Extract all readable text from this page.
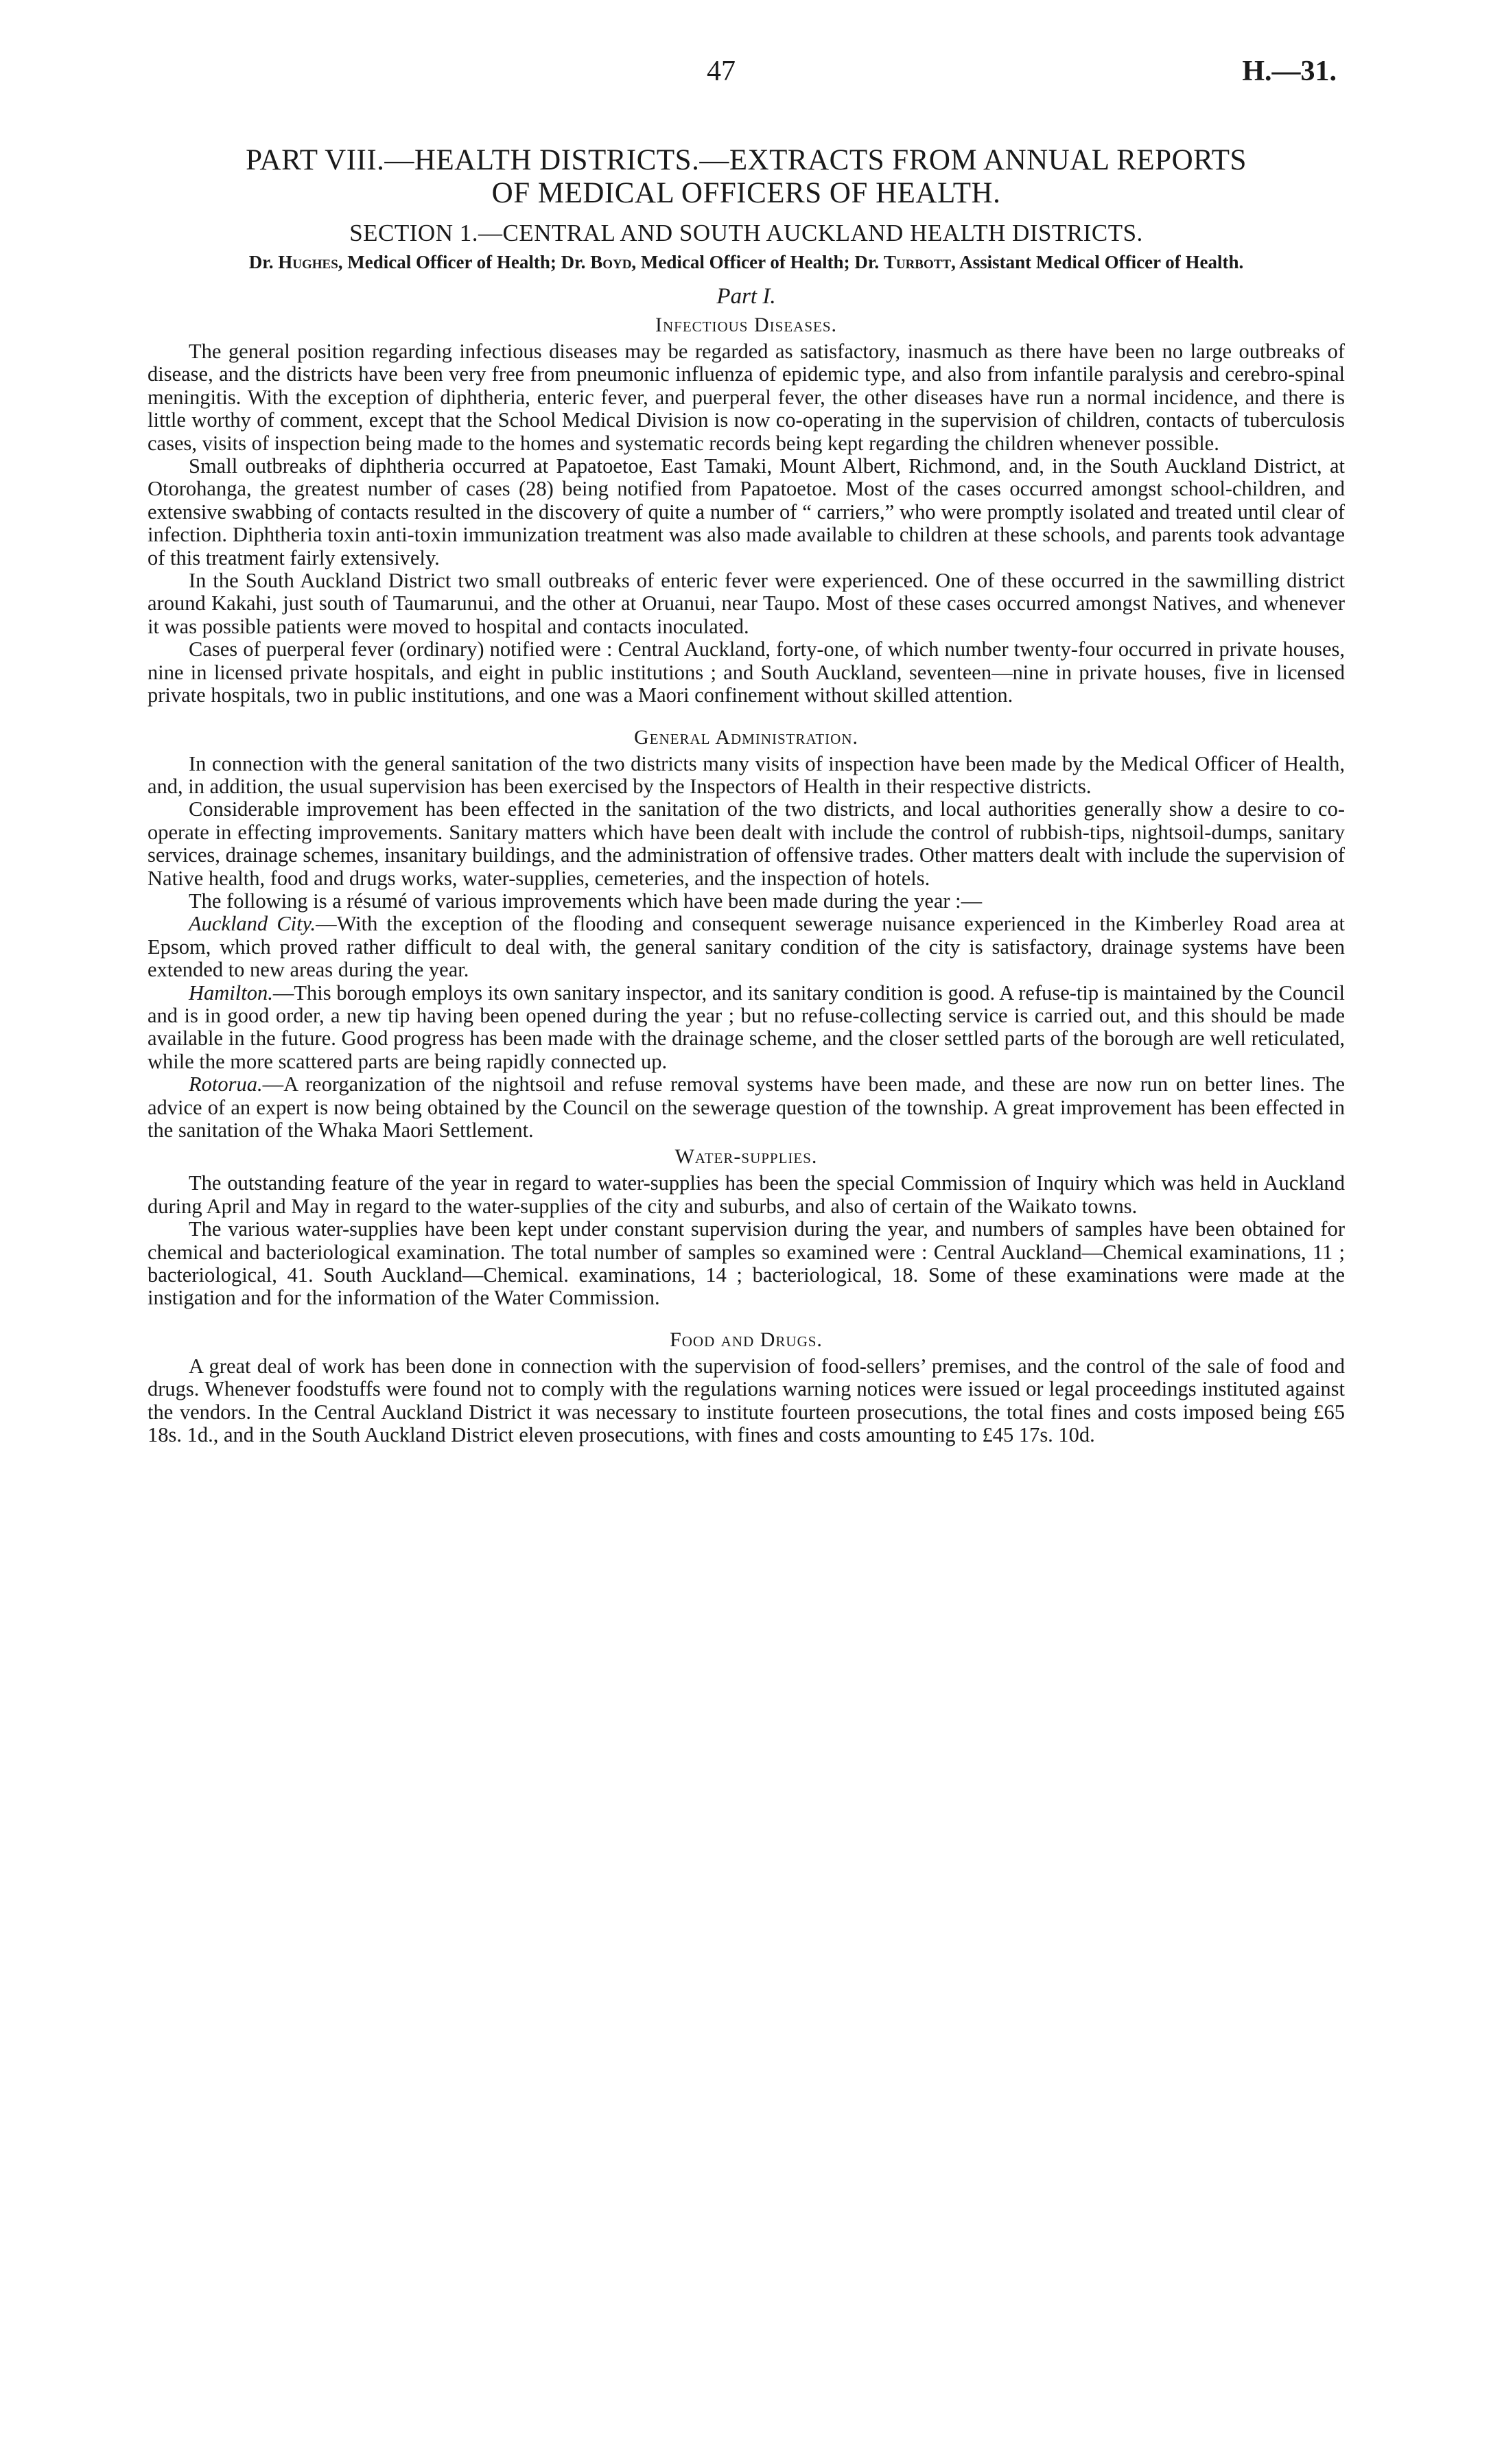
47	H.—31.
PART VIII.—HEALTH DISTRICTS.—EXTRACTS FROM ANNUAL REPORTS
OF MEDICAL OFFICERS OF HEALTH.
SECTION 1.—CENTRAL AND SOUTH AUCKLAND HEALTH DISTRICTS.
Dr. Hughes, Medical Officer of Health; Dr. Boyd, Medical Officer of Health; Dr. Turbott, Assistant Medical Officer of Health.
Part I.
Infectious Diseases.

The general position regarding infectious diseases may be regarded as satisfactory, inasmuch as there have been no large outbreaks of disease, and the districts have been very free from pneumonic influenza of epidemic type, and also from infantile paralysis and cerebro-spinal meningitis. With the exception of diphtheria, enteric fever, and puerperal fever, the other diseases have run a normal incidence, and there is little worthy of comment, except that the School Medical Division is now co-operating in the supervision of children, contacts of tuberculosis cases, visits of inspection being made to the homes and systematic records being kept regarding the children whenever possible.

Small outbreaks of diphtheria occurred at Papatoetoe, East Tamaki, Mount Albert, Richmond, and, in the South Auckland District, at Otorohanga, the greatest number of cases (28) being notified from Papatoetoe. Most of the cases occurred amongst school-children, and extensive swabbing of contacts resulted in the discovery of quite a number of “ carriers,” who were promptly isolated and treated until clear of infection. Diphtheria toxin anti-toxin immunization treatment was also made available to children at these schools, and parents took advantage of this treatment fairly extensively.

In the South Auckland District two small outbreaks of enteric fever were experienced. One of these occurred in the sawmilling district around Kakahi, just south of Taumarunui, and the other at Oruanui, near Taupo. Most of these cases occurred amongst Natives, and whenever it was possible patients were moved to hospital and contacts inoculated.

Cases of puerperal fever (ordinary) notified were : Central Auckland, forty-one, of which number twenty-four occurred in private houses, nine in licensed private hospitals, and eight in public institutions ; and South Auckland, seventeen—nine in private houses, five in licensed private hospitals, two in public institutions, and one was a Maori confinement without skilled attention.

General Administration.

In connection with the general sanitation of the two districts many visits of inspection have been made by the Medical Officer of Health, and, in addition, the usual supervision has been exercised by the Inspectors of Health in their respective districts.

Considerable improvement has been effected in the sanitation of the two districts, and local authorities generally show a desire to co-operate in effecting improvements. Sanitary matters which have been dealt with include the control of rubbish-tips, nightsoil-dumps, sanitary services, drainage schemes, insanitary buildings, and the administration of offensive trades. Other matters dealt with include the supervision of Native health, food and drugs works, water-supplies, cemeteries, and the inspection of hotels.

The following is a résumé of various improvements which have been made during the year :—

Auckland City.—With the exception of the flooding and consequent sewerage nuisance experienced in the Kimberley Road area at Epsom, which proved rather difficult to deal with, the general sanitary condition of the city is satisfactory, drainage systems have been extended to new areas during the year.

Hamilton.—This borough employs its own sanitary inspector, and its sanitary condition is good. A refuse-tip is maintained by the Council and is in good order, a new tip having been opened during the year ; but no refuse-collecting service is carried out, and this should be made available in the future. Good progress has been made with the drainage scheme, and the closer settled parts of the borough are well reticulated, while the more scattered parts are being rapidly connected up.

Rotorua.—A reorganization of the nightsoil and refuse removal systems have been made, and these are now run on better lines. The advice of an expert is now being obtained by the Council on the sewerage question of the township. A great improvement has been effected in the sanitation of the Whaka Maori Settlement.

Water-supplies.

The outstanding feature of the year in regard to water-supplies has been the special Commission of Inquiry which was held in Auckland during April and May in regard to the water-supplies of the city and suburbs, and also of certain of the Waikato towns.

The various water-supplies have been kept under constant supervision during the year, and numbers of samples have been obtained for chemical and bacteriological examination. The total number of samples so examined were : Central Auckland—Chemical examinations, 11 ; bacteriological, 41. South Auckland—Chemical. examinations, 14 ; bacteriological, 18. Some of these examinations were made at the instigation and for the information of the Water Commission.

Food and Drugs.

A great deal of work has been done in connection with the supervision of food-sellers’ premises, and the control of the sale of food and drugs. Whenever foodstuffs were found not to comply with the regulations warning notices were issued or legal proceedings instituted against the vendors. In the Central Auckland District it was necessary to institute fourteen prosecutions, the total fines and costs imposed being £65 18s. 1d., and in the South Auckland District eleven prosecutions, with fines and costs amounting to £45 17s. 10d.
